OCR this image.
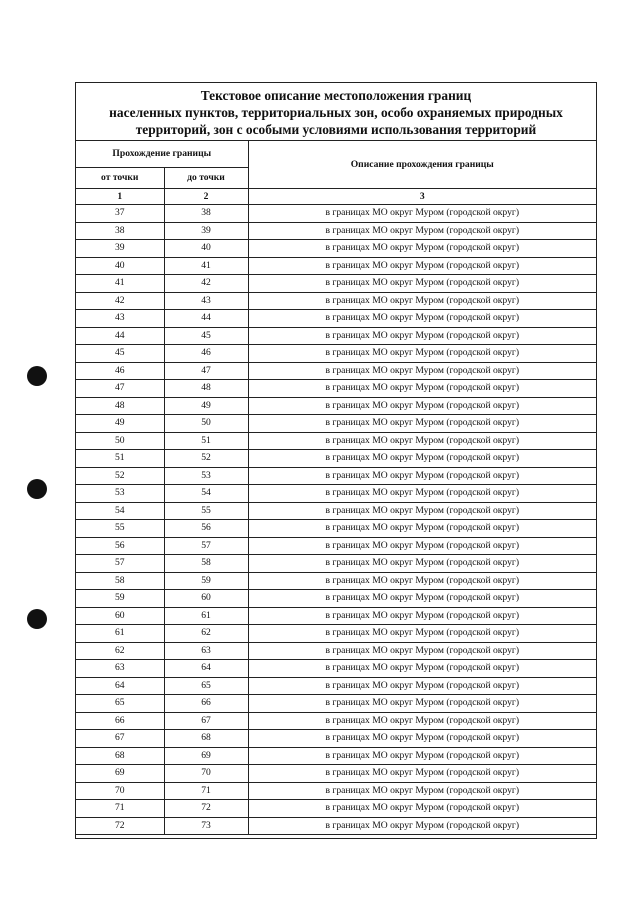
Текстовое описание местоположения границ
населенных пунктов, территориальных зон, особо охраняемых природных
территорий, зон с особыми условиями использования территорий
Прохождение границы		Описание прохождения границы
от точки	до точки	
1	2	3
37	38	в границах МО округ Муром (городской округ)
38	39	в границах МО округ Муром (городской округ)
39	40	в границах МО округ Муром (городской округ)
40	41	в границах МО округ Муром (городской округ)
41	42	в границах МО округ Муром (городской округ)
42	43	в границах МО округ Муром (городской округ)
43	44	в границах МО округ Муром (городской округ)
44	45	в границах МО округ Муром (городской округ)
45	46	в границах МО округ Муром (городской округ)
46	47	в границах МО округ Муром (городской округ)
47	48	в границах МО округ Муром (городской округ)
48	49	в границах МО округ Муром (городской округ)
49	50	в границах МО округ Муром (городской округ)
50	51	в границах МО округ Муром (городской округ)
51	52	в границах МО округ Муром (городской округ)
52	53	в границах МО округ Муром (городской округ)
53	54	в границах МО округ Муром (городской округ)
54	55	в границах МО округ Муром (городской округ)
55	56	в границах МО округ Муром (городской округ)
56	57	в границах МО округ Муром (городской округ)
57	58	в границах МО округ Муром (городской округ)
58	59	в границах МО округ Муром (городской округ)
59	60	в границах МО округ Муром (городской округ)
60	61	в границах МО округ Муром (городской округ)
61	62	в границах МО округ Муром (городской округ)
62	63	в границах МО округ Муром (городской округ)
63	64	в границах МО округ Муром (городской округ)
64	65	в границах МО округ Муром (городской округ)
65	66	в границах МО округ Муром (городской округ)
66	67	в границах МО округ Муром (городской округ)
67	68	в границах МО округ Муром (городской округ)
68	69	в границах МО округ Муром (городской округ)
69	70	в границах МО округ Муром (городской округ)
70	71	в границах МО округ Муром (городской округ)
71	72	в границах МО округ Муром (городской округ)
72	73	в границах МО округ Муром (городской округ)
